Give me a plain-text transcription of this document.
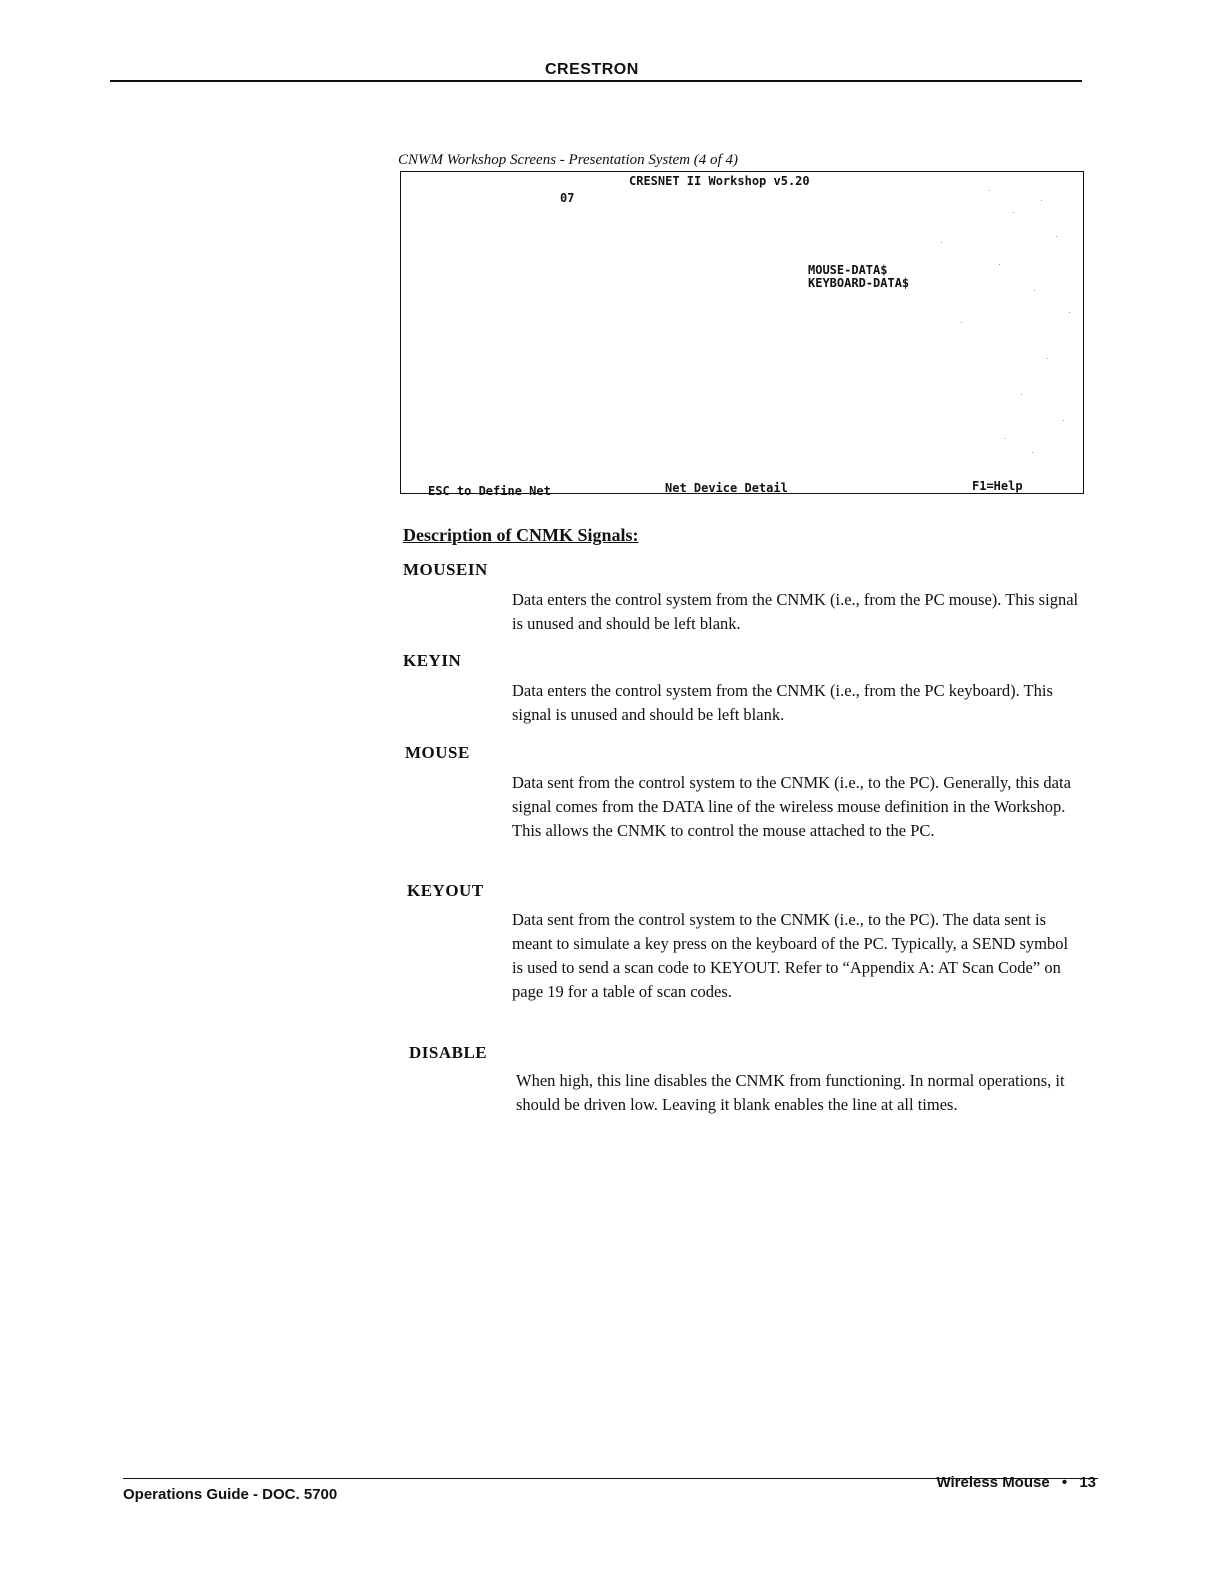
CRESTRON
CNWM Workshop Screens - Presentation System (4 of 4)
CRESNET II Workshop v5.20
07
MOUSE-DATA$
KEYBOARD-DATA$
ESC to Define Net	Net Device Detail	F1=Help
Description of CNMK Signals:
MOUSEIN
Data enters the control system from the CNMK (i.e., from the PC mouse). This signal is unused and should be left blank.
KEYIN
Data enters the control system from the CNMK (i.e., from the PC keyboard). This signal is unused and should be left blank.
MOUSE
Data sent from the control system to the CNMK (i.e., to the PC). Generally, this data signal comes from the DATA line of the wireless mouse definition in the Workshop. This allows the CNMK to control the mouse attached to the PC.
KEYOUT
Data sent from the control system to the CNMK (i.e., to the PC). The data sent is meant to simulate a key press on the keyboard of the PC. Typically, a SEND symbol is used to send a scan code to KEYOUT. Refer to “Appendix A: AT Scan Code” on page 19 for a table of scan codes.
DISABLE
When high, this line disables the CNMK from functioning. In normal operations, it should be driven low. Leaving it blank enables the line at all times.
Operations Guide - DOC. 5700
Wireless Mouse • 13
